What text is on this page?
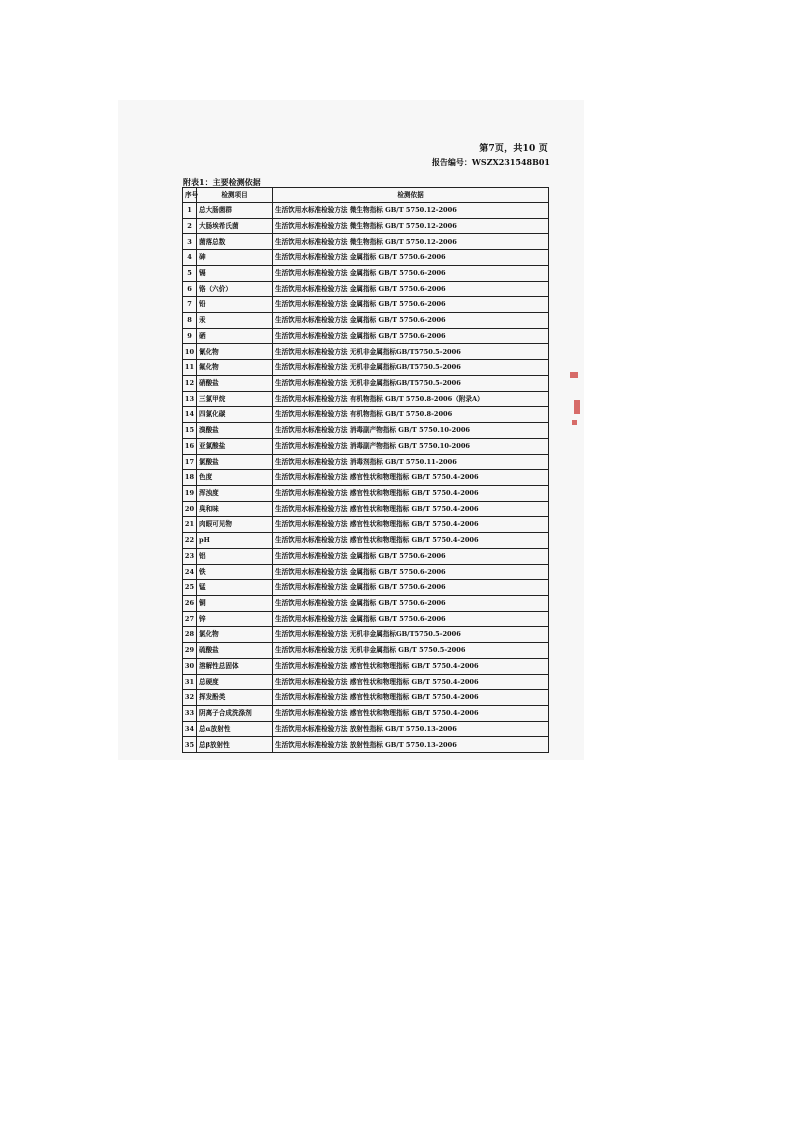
第7页，共10 页
报告编号：WSZX231548B01
附表1：主要检测依据
序号	检测项目	检测依据
1	总大肠菌群	生活饮用水标准检验方法 微生物指标 GB/T 5750.12-2006
2	大肠埃希氏菌	生活饮用水标准检验方法 微生物指标 GB/T 5750.12-2006
3	菌落总数	生活饮用水标准检验方法 微生物指标 GB/T 5750.12-2006
4	砷	生活饮用水标准检验方法 金属指标 GB/T 5750.6-2006
5	镉	生活饮用水标准检验方法 金属指标 GB/T 5750.6-2006
6	铬（六价）	生活饮用水标准检验方法 金属指标 GB/T 5750.6-2006
7	铅	生活饮用水标准检验方法 金属指标 GB/T 5750.6-2006
8	汞	生活饮用水标准检验方法 金属指标 GB/T 5750.6-2006
9	硒	生活饮用水标准检验方法 金属指标 GB/T 5750.6-2006
10	氰化物	生活饮用水标准检验方法 无机非金属指标GB/T5750.5-2006
11	氟化物	生活饮用水标准检验方法 无机非金属指标GB/T5750.5-2006
12	硝酸盐	生活饮用水标准检验方法 无机非金属指标GB/T5750.5-2006
13	三氯甲烷	生活饮用水标准检验方法 有机物指标 GB/T 5750.8-2006（附录A）
14	四氯化碳	生活饮用水标准检验方法 有机物指标 GB/T 5750.8-2006
15	溴酸盐	生活饮用水标准检验方法 消毒副产物指标 GB/T 5750.10-2006
16	亚氯酸盐	生活饮用水标准检验方法 消毒副产物指标 GB/T 5750.10-2006
17	氯酸盐	生活饮用水标准检验方法 消毒剂指标 GB/T 5750.11-2006
18	色度	生活饮用水标准检验方法 感官性状和物理指标 GB/T 5750.4-2006
19	浑浊度	生活饮用水标准检验方法 感官性状和物理指标 GB/T 5750.4-2006
20	臭和味	生活饮用水标准检验方法 感官性状和物理指标 GB/T 5750.4-2006
21	肉眼可见物	生活饮用水标准检验方法 感官性状和物理指标 GB/T 5750.4-2006
22	pH	生活饮用水标准检验方法 感官性状和物理指标 GB/T 5750.4-2006
23	铝	生活饮用水标准检验方法 金属指标 GB/T 5750.6-2006
24	铁	生活饮用水标准检验方法 金属指标 GB/T 5750.6-2006
25	锰	生活饮用水标准检验方法 金属指标 GB/T 5750.6-2006
26	铜	生活饮用水标准检验方法 金属指标 GB/T 5750.6-2006
27	锌	生活饮用水标准检验方法 金属指标 GB/T 5750.6-2006
28	氯化物	生活饮用水标准检验方法 无机非金属指标GB/T5750.5-2006
29	硫酸盐	生活饮用水标准检验方法 无机非金属指标 GB/T 5750.5-2006
30	溶解性总固体	生活饮用水标准检验方法 感官性状和物理指标 GB/T 5750.4-2006
31	总硬度	生活饮用水标准检验方法 感官性状和物理指标 GB/T 5750.4-2006
32	挥发酚类	生活饮用水标准检验方法 感官性状和物理指标 GB/T 5750.4-2006
33	阴离子合成洗涤剂	生活饮用水标准检验方法 感官性状和物理指标 GB/T 5750.4-2006
34	总α放射性	生活饮用水标准检验方法 放射性指标 GB/T 5750.13-2006
35	总β放射性	生活饮用水标准检验方法 放射性指标 GB/T 5750.13-2006
